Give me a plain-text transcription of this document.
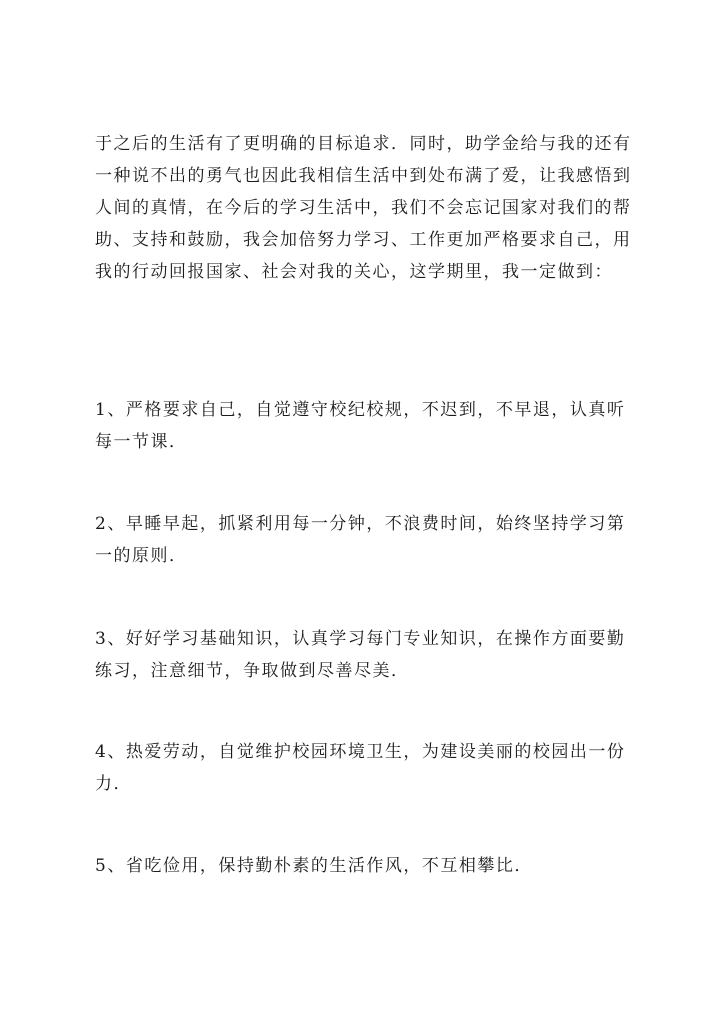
于之后的生活有了更明确的目标追求．同时，助学金给与我的还有一种说不出的勇气也因此我相信生活中到处布满了爱，让我感悟到人间的真情，在今后的学习生活中，我们不会忘记国家对我们的帮助、支持和鼓励，我会加倍努力学习、工作更加严格要求自己，用我的行动回报国家、社会对我的关心，这学期里，我一定做到：

1、严格要求自己，自觉遵守校纪校规，不迟到，不早退，认真听每一节课．

2、早睡早起，抓紧利用每一分钟，不浪费时间，始终坚持学习第一的原则．

3、好好学习基础知识，认真学习每门专业知识，在操作方面要勤练习，注意细节，争取做到尽善尽美．

4、热爱劳动，自觉维护校园环境卫生，为建设美丽的校园出一份力．

5、省吃俭用，保持勤朴素的生活作风，不互相攀比．
